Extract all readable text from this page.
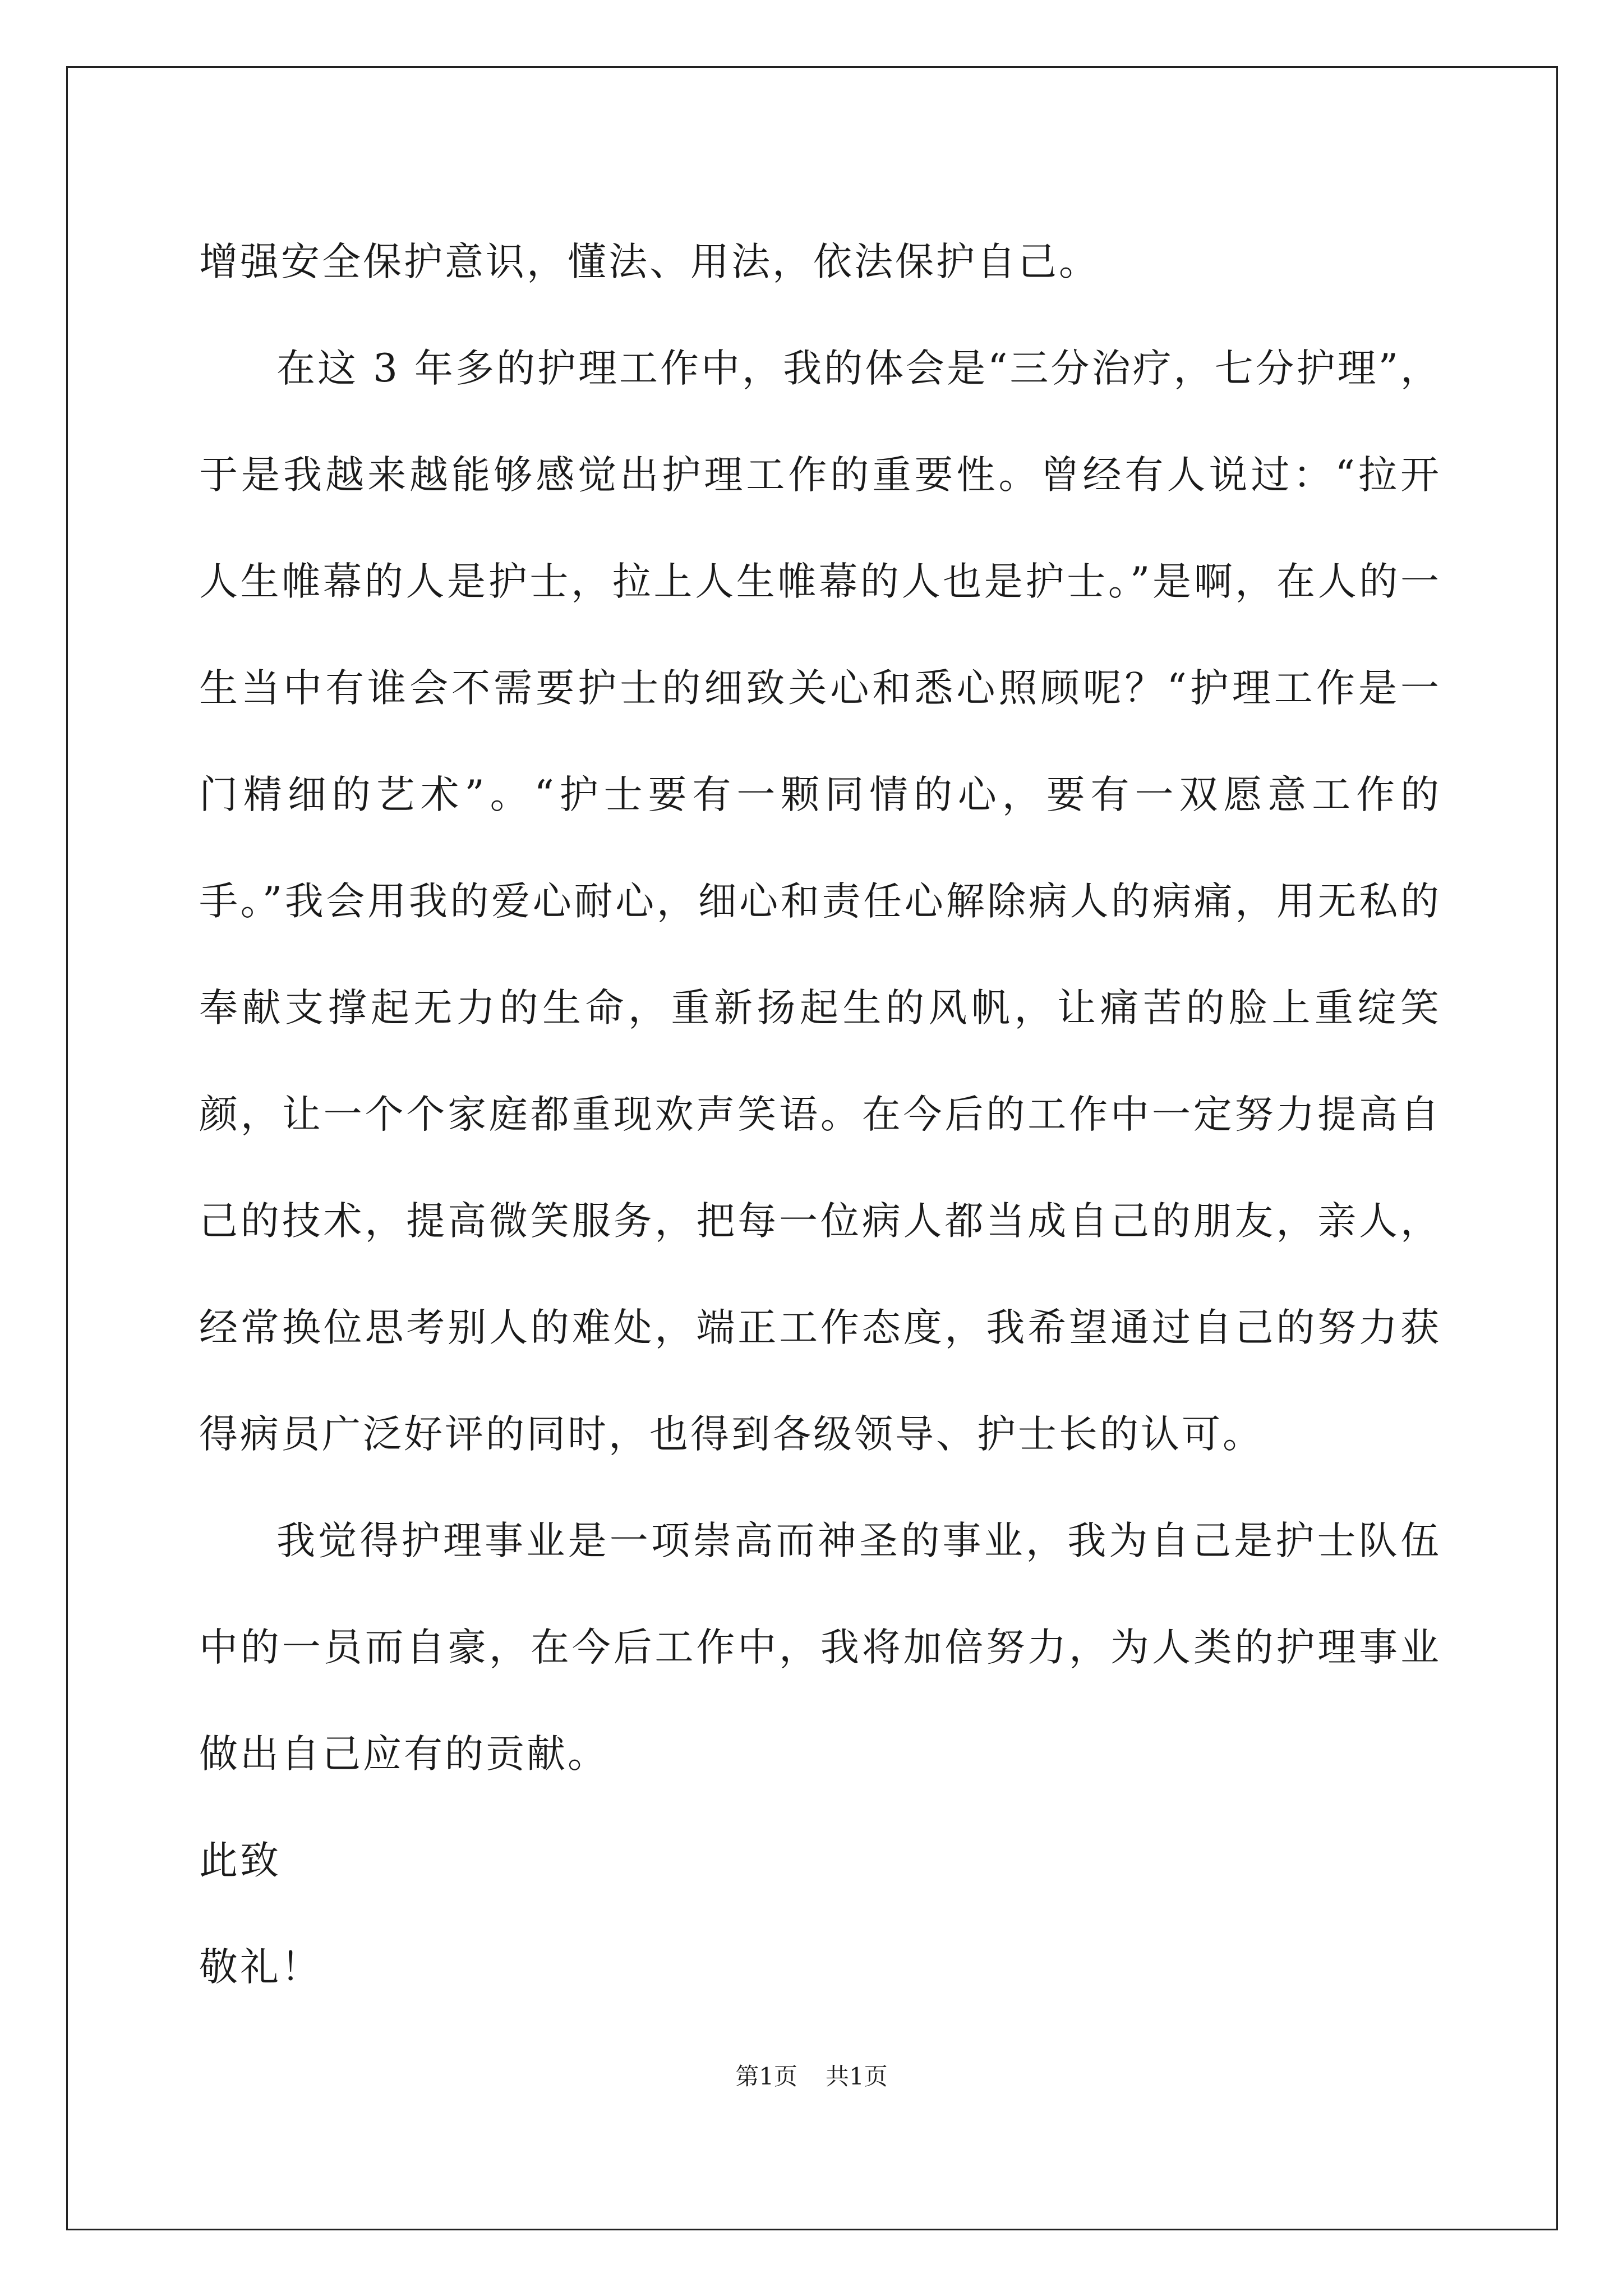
增强安全保护意识，懂法、用法，依法保护自己。

在这 3 年多的护理工作中，我的体会是“三分治疗，七分护理”，于是我越来越能够感觉出护理工作的重要性。曾经有人说过：“拉开人生帷幕的人是护士，拉上人生帷幕的人也是护士。”是啊，在人的一生当中有谁会不需要护士的细致关心和悉心照顾呢？“护理工作是一门精细的艺术”。“护士要有一颗同情的心，要有一双愿意工作的手。”我会用我的爱心耐心，细心和责任心解除病人的病痛，用无私的奉献支撑起无力的生命，重新扬起生的风帆，让痛苦的脸上重绽笑颜，让一个个家庭都重现欢声笑语。在今后的工作中一定努力提高自己的技术，提高微笑服务，把每一位病人都当成自己的朋友，亲人，经常换位思考别人的难处，端正工作态度，我希望通过自己的努力获得病员广泛好评的同时，也得到各级领导、护士长的认可。

我觉得护理事业是一项崇高而神圣的事业，我为自己是护士队伍中的一员而自豪，在今后工作中，我将加倍努力，为人类的护理事业做出自己应有的贡献。

此致

敬礼！

第1页 共1页
